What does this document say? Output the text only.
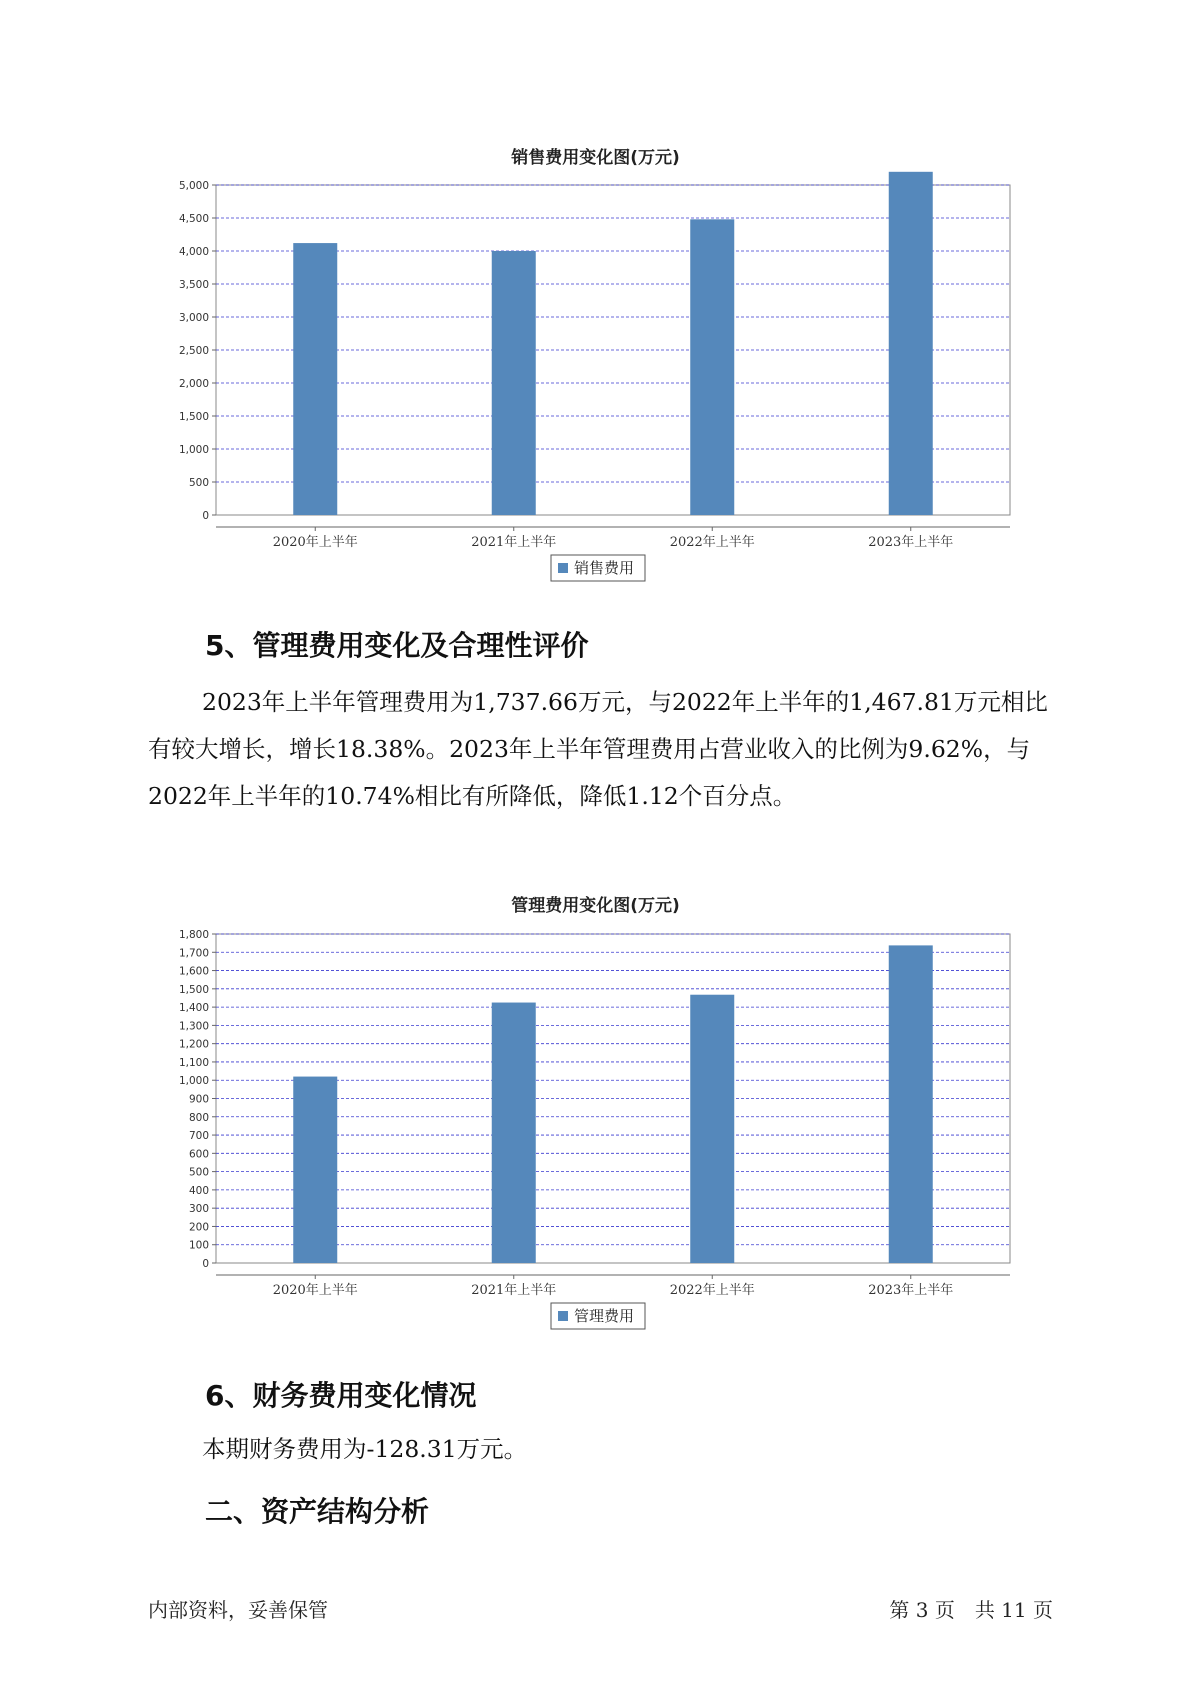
销售费用变化图(万元)
0
500
1,000
1,500
2,000
2,500
3,000
3,500
4,000
4,500
5,000
2020年上半年	2021年上半年	2022年上半年	2023年上半年
销售费用
5、管理费用变化及合理性评价
2023年上半年管理费用为1,737.66万元，与2022年上半年的1,467.81万元相比有较大增长，增长18.38%。2023年上半年管理费用占营业收入的比例为9.62%，与2022年上半年的10.74%相比有所降低，降低1.12个百分点。
管理费用变化图(万元)
0
100
200
300
400
500
600
700
800
900
1,000
1,100
1,200
1,300
1,400
1,500
1,600
1,700
1,800
2020年上半年	2021年上半年	2022年上半年	2023年上半年
管理费用
6、财务费用变化情况
本期财务费用为-128.31万元。
二、资产结构分析
内部资料，妥善保管	第 3 页　共 11 页
